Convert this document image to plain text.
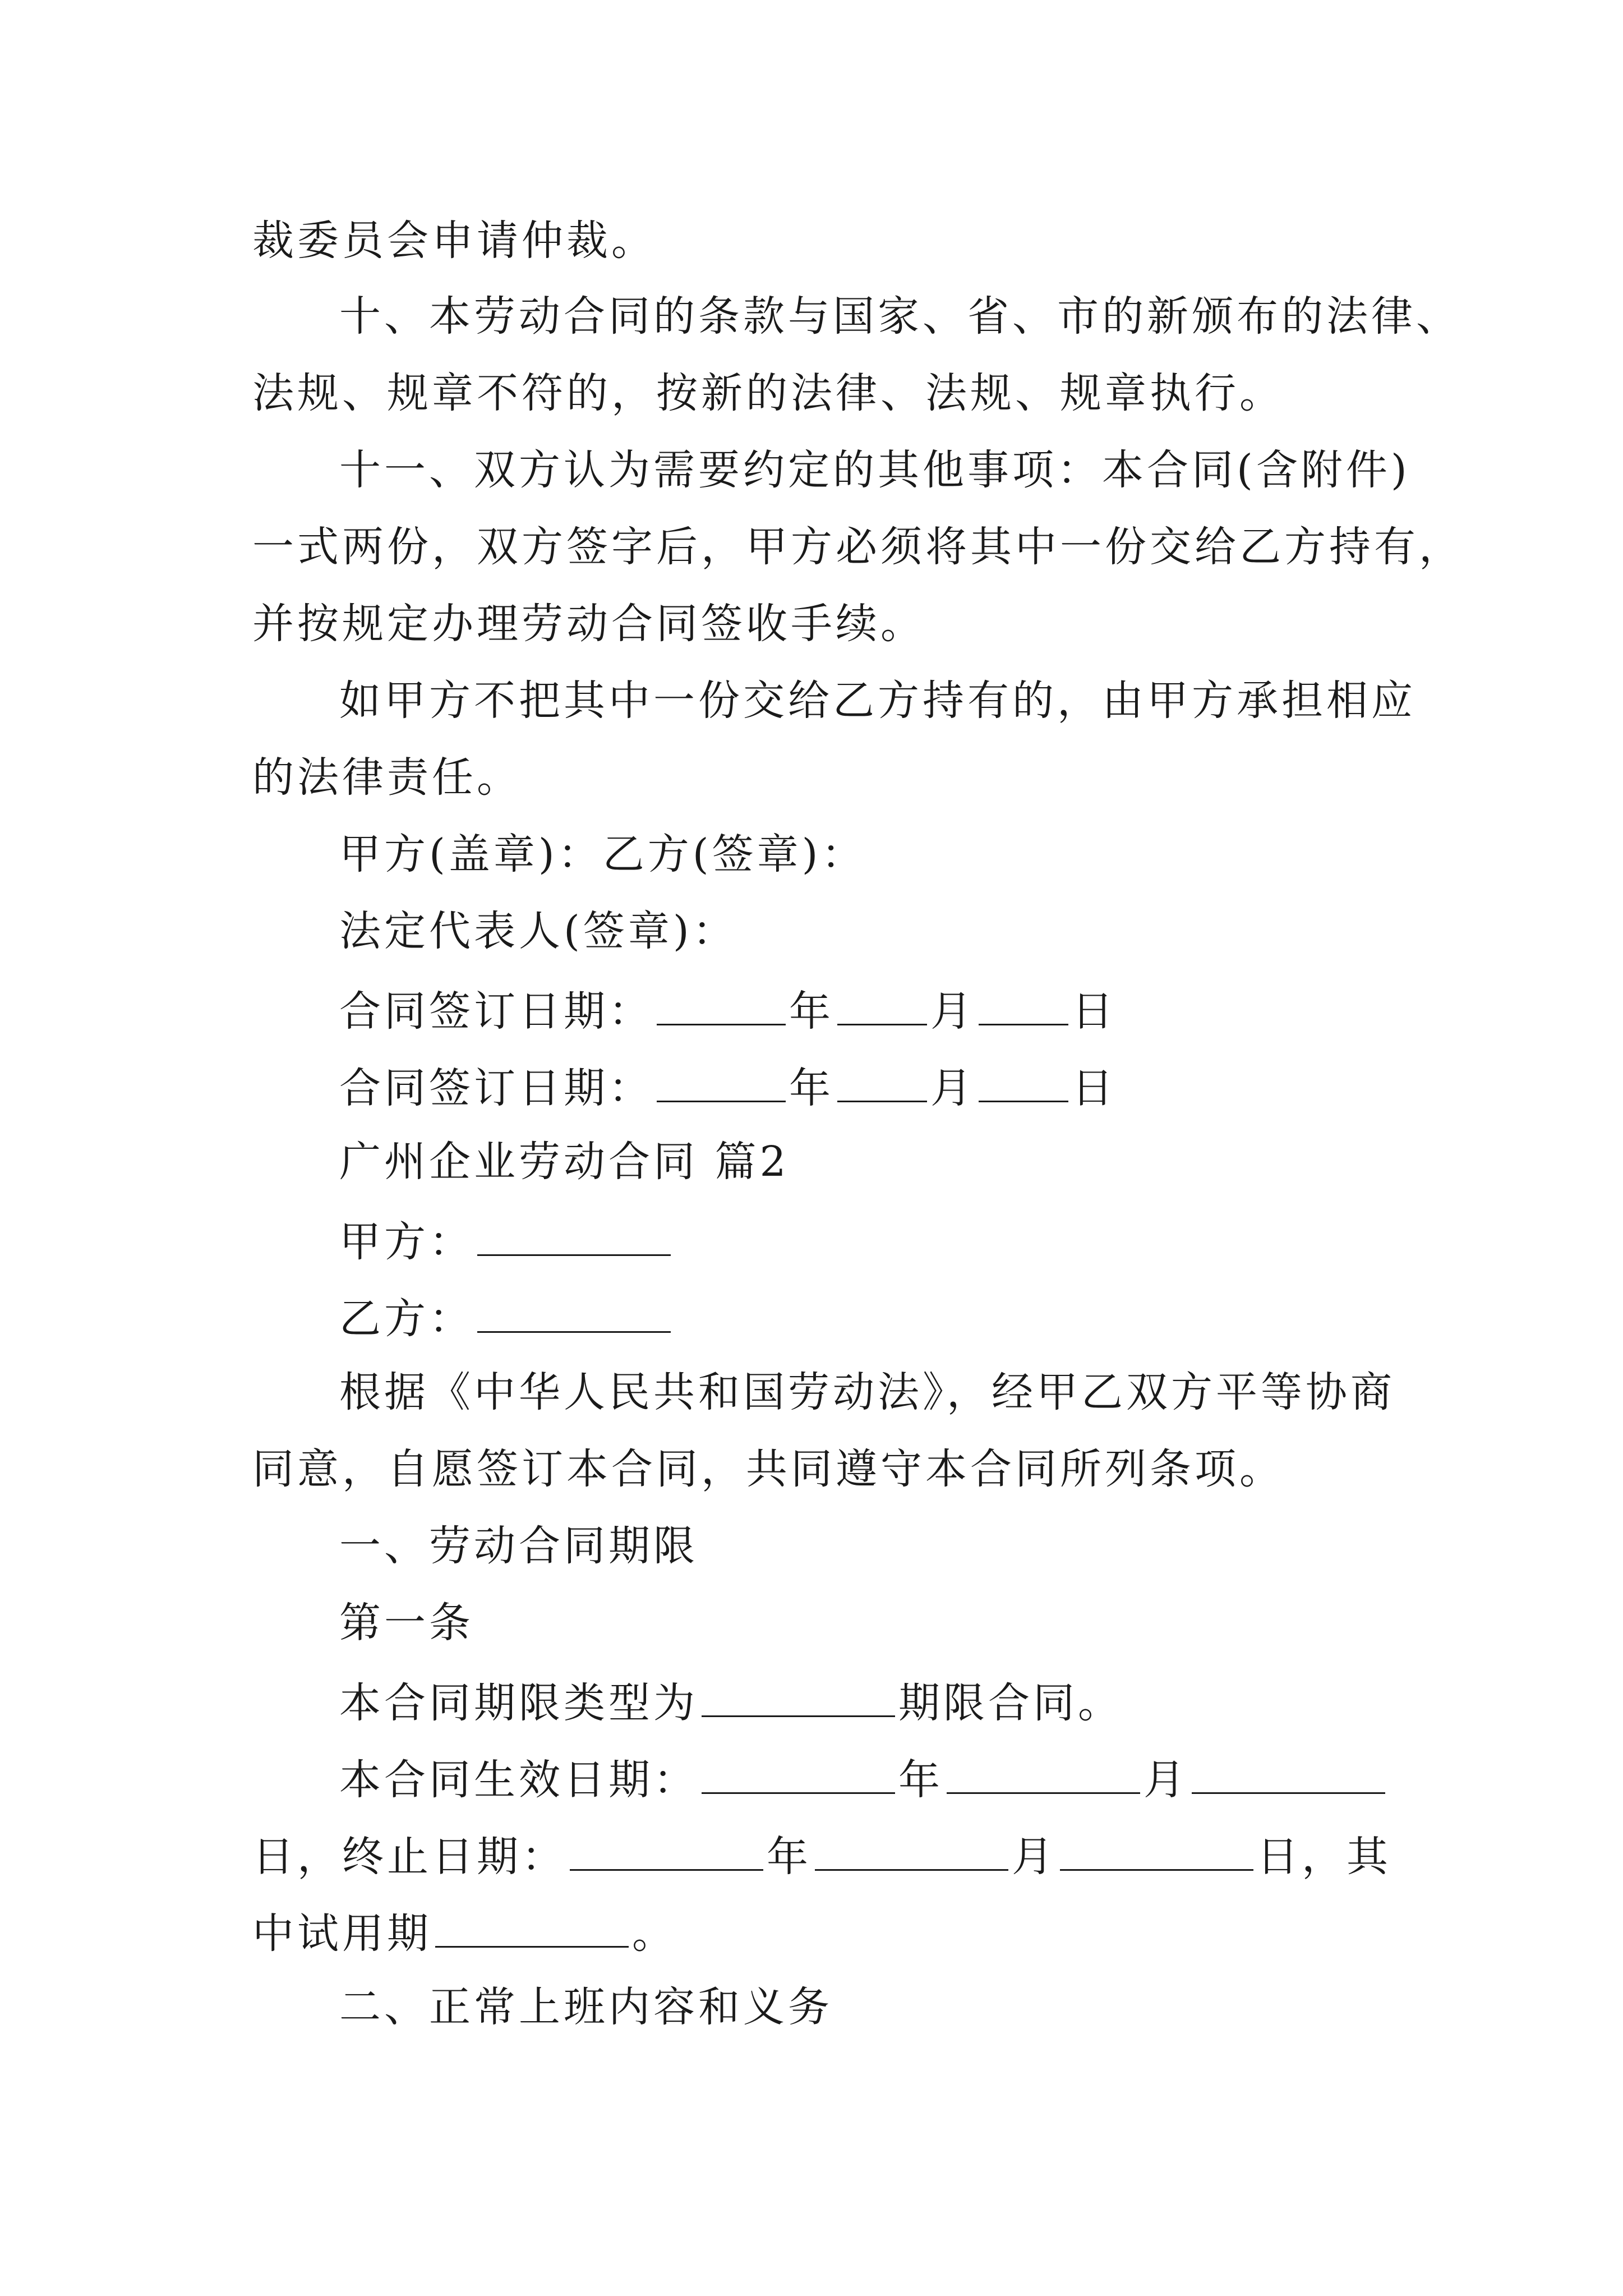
裁委员会申请仲裁。
十、本劳动合同的条款与国家、省、市的新颁布的法律、
法规、规章不符的，按新的法律、法规、规章执行。
十一、双方认为需要约定的其他事项：本合同(含附件)
一式两份，双方签字后，甲方必须将其中一份交给乙方持有，
并按规定办理劳动合同签收手续。
如甲方不把其中一份交给乙方持有的，由甲方承担相应
的法律责任。
甲方(盖章)：乙方(签章)：
法定代表人(签章)：
合同签订日期：	年 月 日
合同签订日期：	年 月 日
广州企业劳动合同 篇2
甲方：
乙方：
根据《中华人民共和国劳动法》，经甲乙双方平等协商
同意，自愿签订本合同，共同遵守本合同所列条项。
一、劳动合同期限
第一条
本合同期限类型为	期限合同。
本合同生效日期：	年	月
日，终止日期：	年	月	日，其
中试用期	。
二、正常上班内容和义务
